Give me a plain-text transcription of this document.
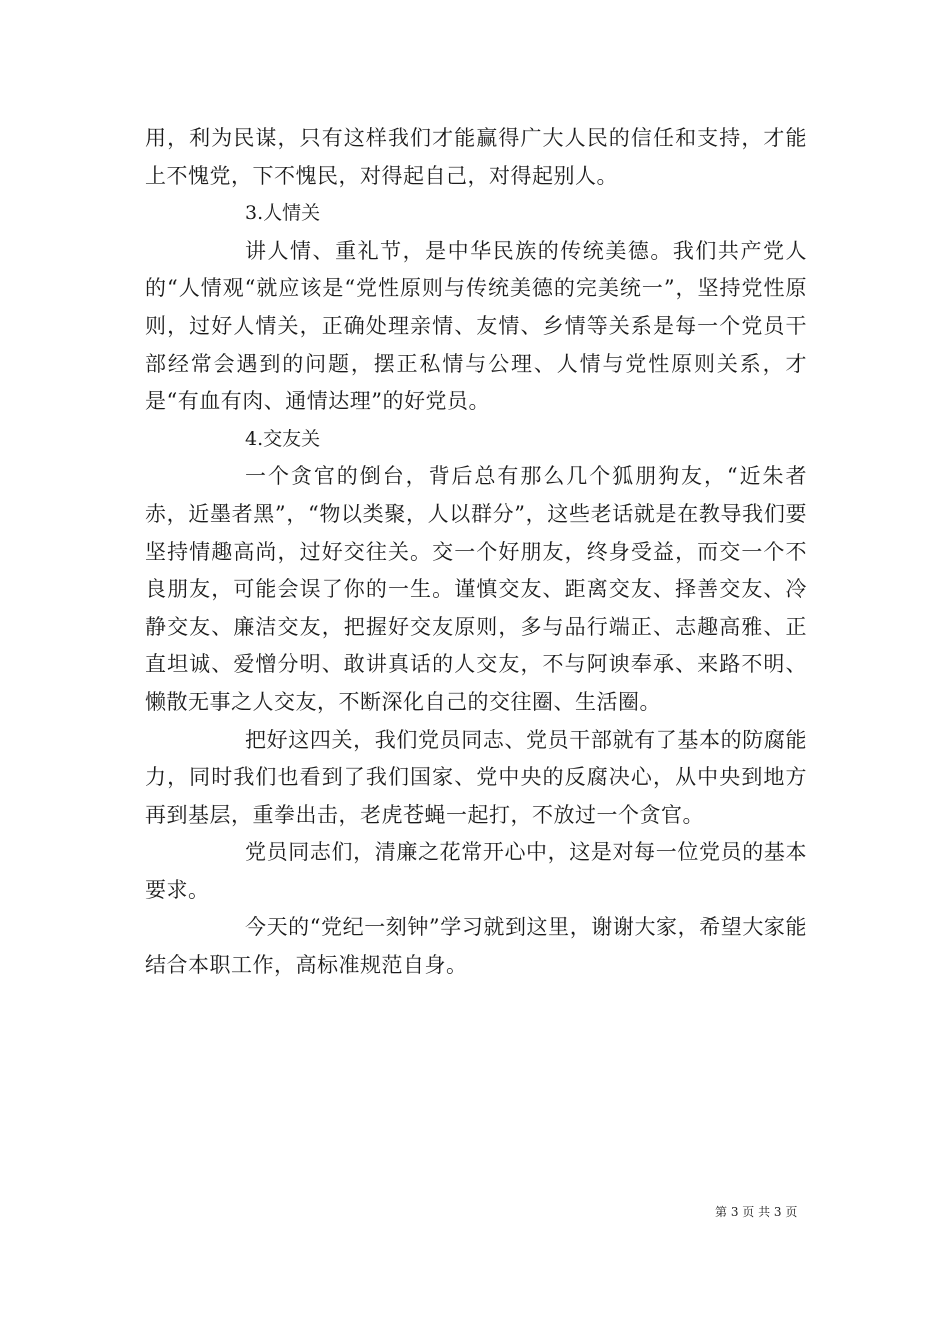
用，利为民谋，只有这样我们才能赢得广大人民的信任和支持，才能上不愧党，下不愧民，对得起自己，对得起别人。

3.人情关

讲人情、重礼节，是中华民族的传统美德。我们共产党人的“人情观“就应该是“党性原则与传统美德的完美统一”，坚持党性原则，过好人情关，正确处理亲情、友情、乡情等关系是每一个党员干部经常会遇到的问题，摆正私情与公理、人情与党性原则关系，才是“有血有肉、通情达理”的好党员。

4.交友关

一个贪官的倒台，背后总有那么几个狐朋狗友，“近朱者赤，近墨者黑”，“物以类聚，人以群分”，这些老话就是在教导我们要坚持情趣高尚，过好交往关。交一个好朋友，终身受益，而交一个不良朋友，可能会误了你的一生。谨慎交友、距离交友、择善交友、冷静交友、廉洁交友，把握好交友原则，多与品行端正、志趣高雅、正直坦诚、爱憎分明、敢讲真话的人交友，不与阿谀奉承、来路不明、懒散无事之人交友，不断深化自己的交往圈、生活圈。

把好这四关，我们党员同志、党员干部就有了基本的防腐能力，同时我们也看到了我们国家、党中央的反腐决心，从中央到地方再到基层，重拳出击，老虎苍蝇一起打，不放过一个贪官。

党员同志们，清廉之花常开心中，这是对每一位党员的基本要求。

今天的“党纪一刻钟”学习就到这里，谢谢大家，希望大家能结合本职工作，高标准规范自身。

第 3 页 共 3 页
